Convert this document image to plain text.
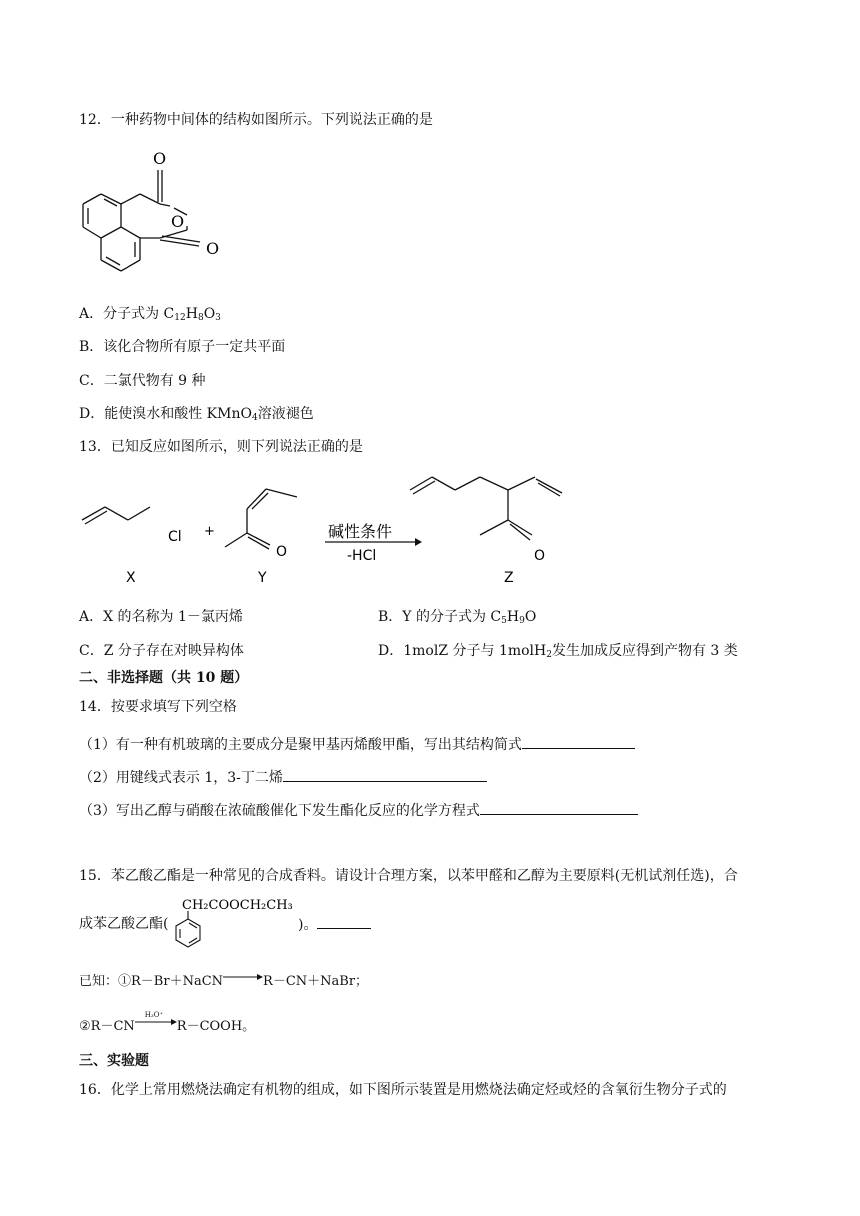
12．一种药物中间体的结构如图所示。下列说法正确的是
O
O
O
A．分子式为 $C_{12}H_8O_3$
B．该化合物所有原子一定共平面
C．二氯代物有 9 种
D．能使溴水和酸性 KMnO$_4$溶液褪色
13．已知反应如图所示，则下列说法正确的是
Cl +
O
碱性条件
-HCl	O
X	Y	Z
A．X 的名称为 1－氯丙烯	B．Y 的分子式为 $C_5H_9O$
C．Z 分子存在对映异构体	D．1molZ 分子与 1molH$_2$发生加成反应得到产物有 3 类
二、非选择题（共 10 题）
14．按要求填写下列空格
（1）有一种有机玻璃的主要成分是聚甲基丙烯酸甲酯，写出其结构简式
（2）用键线式表示 1，3-丁二烯
（3）写出乙醇与硝酸在浓硫酸催化下发生酯化反应的化学方程式
15．苯乙酸乙酯是一种常见的合成香料。请设计合理方案，以苯甲醛和乙醇为主要原料(无机试剂任选)，合
成苯乙酸乙酯(
CH₂COOCH₂CH₃
)。
已知：①R－Br＋NaCN	R－CN＋NaBr；
②R－CN
H₃O⁺
R－COOH。
三、实验题
16．化学上常用燃烧法确定有机物的组成，如下图所示装置是用燃烧法确定烃或烃的含氧衍生物分子式的
